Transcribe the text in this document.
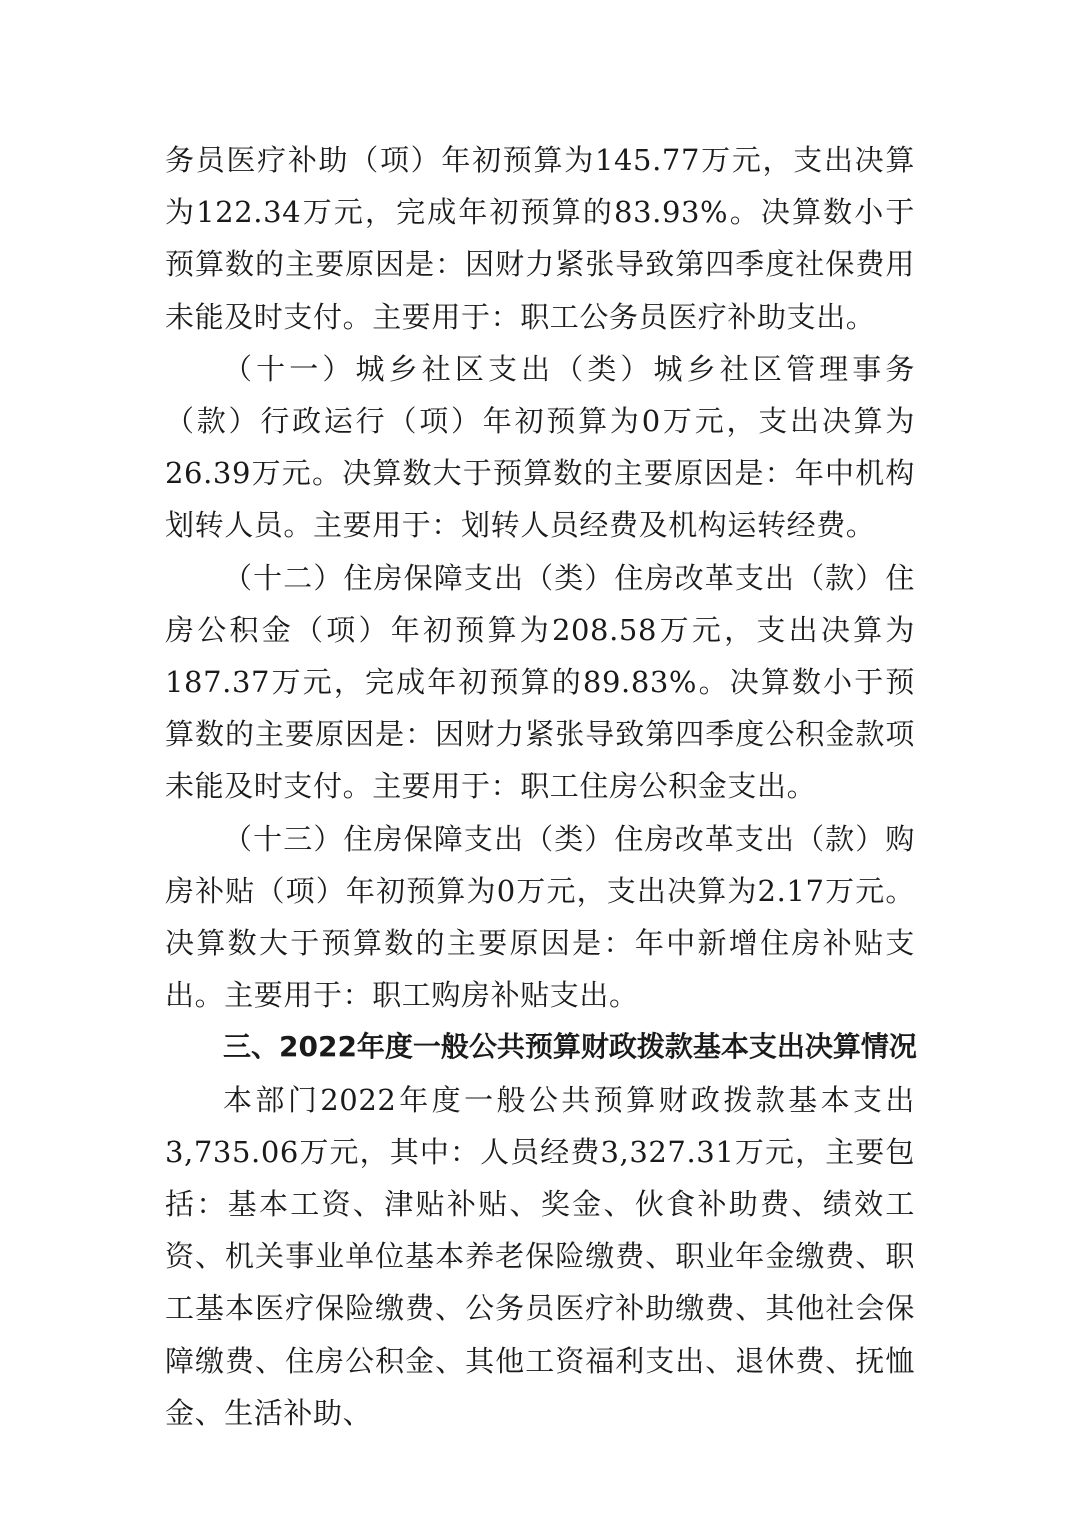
务员医疗补助（项）年初预算为145.77万元，支出决算为122.34万元，完成年初预算的83.93%。决算数小于预算数的主要原因是：因财力紧张导致第四季度社保费用未能及时支付。主要用于：职工公务员医疗补助支出。

（十一）城乡社区支出（类）城乡社区管理事务（款）行政运行（项）年初预算为0万元，支出决算为26.39万元。决算数大于预算数的主要原因是：年中机构划转人员。主要用于：划转人员经费及机构运转经费。

（十二）住房保障支出（类）住房改革支出（款）住房公积金（项）年初预算为208.58万元，支出决算为187.37万元，完成年初预算的89.83%。决算数小于预算数的主要原因是：因财力紧张导致第四季度公积金款项未能及时支付。主要用于：职工住房公积金支出。

（十三）住房保障支出（类）住房改革支出（款）购房补贴（项）年初预算为0万元，支出决算为2.17万元。决算数大于预算数的主要原因是：年中新增住房补贴支出。主要用于：职工购房补贴支出。

三、2022年度一般公共预算财政拨款基本支出决算情况

本部门2022年度一般公共预算财政拨款基本支出3,735.06万元，其中：人员经费3,327.31万元，主要包括：基本工资、津贴补贴、奖金、伙食补助费、绩效工资、机关事业单位基本养老保险缴费、职业年金缴费、职工基本医疗保险缴费、公务员医疗补助缴费、其他社会保障缴费、住房公积金、其他工资福利支出、退休费、抚恤金、生活补助、
